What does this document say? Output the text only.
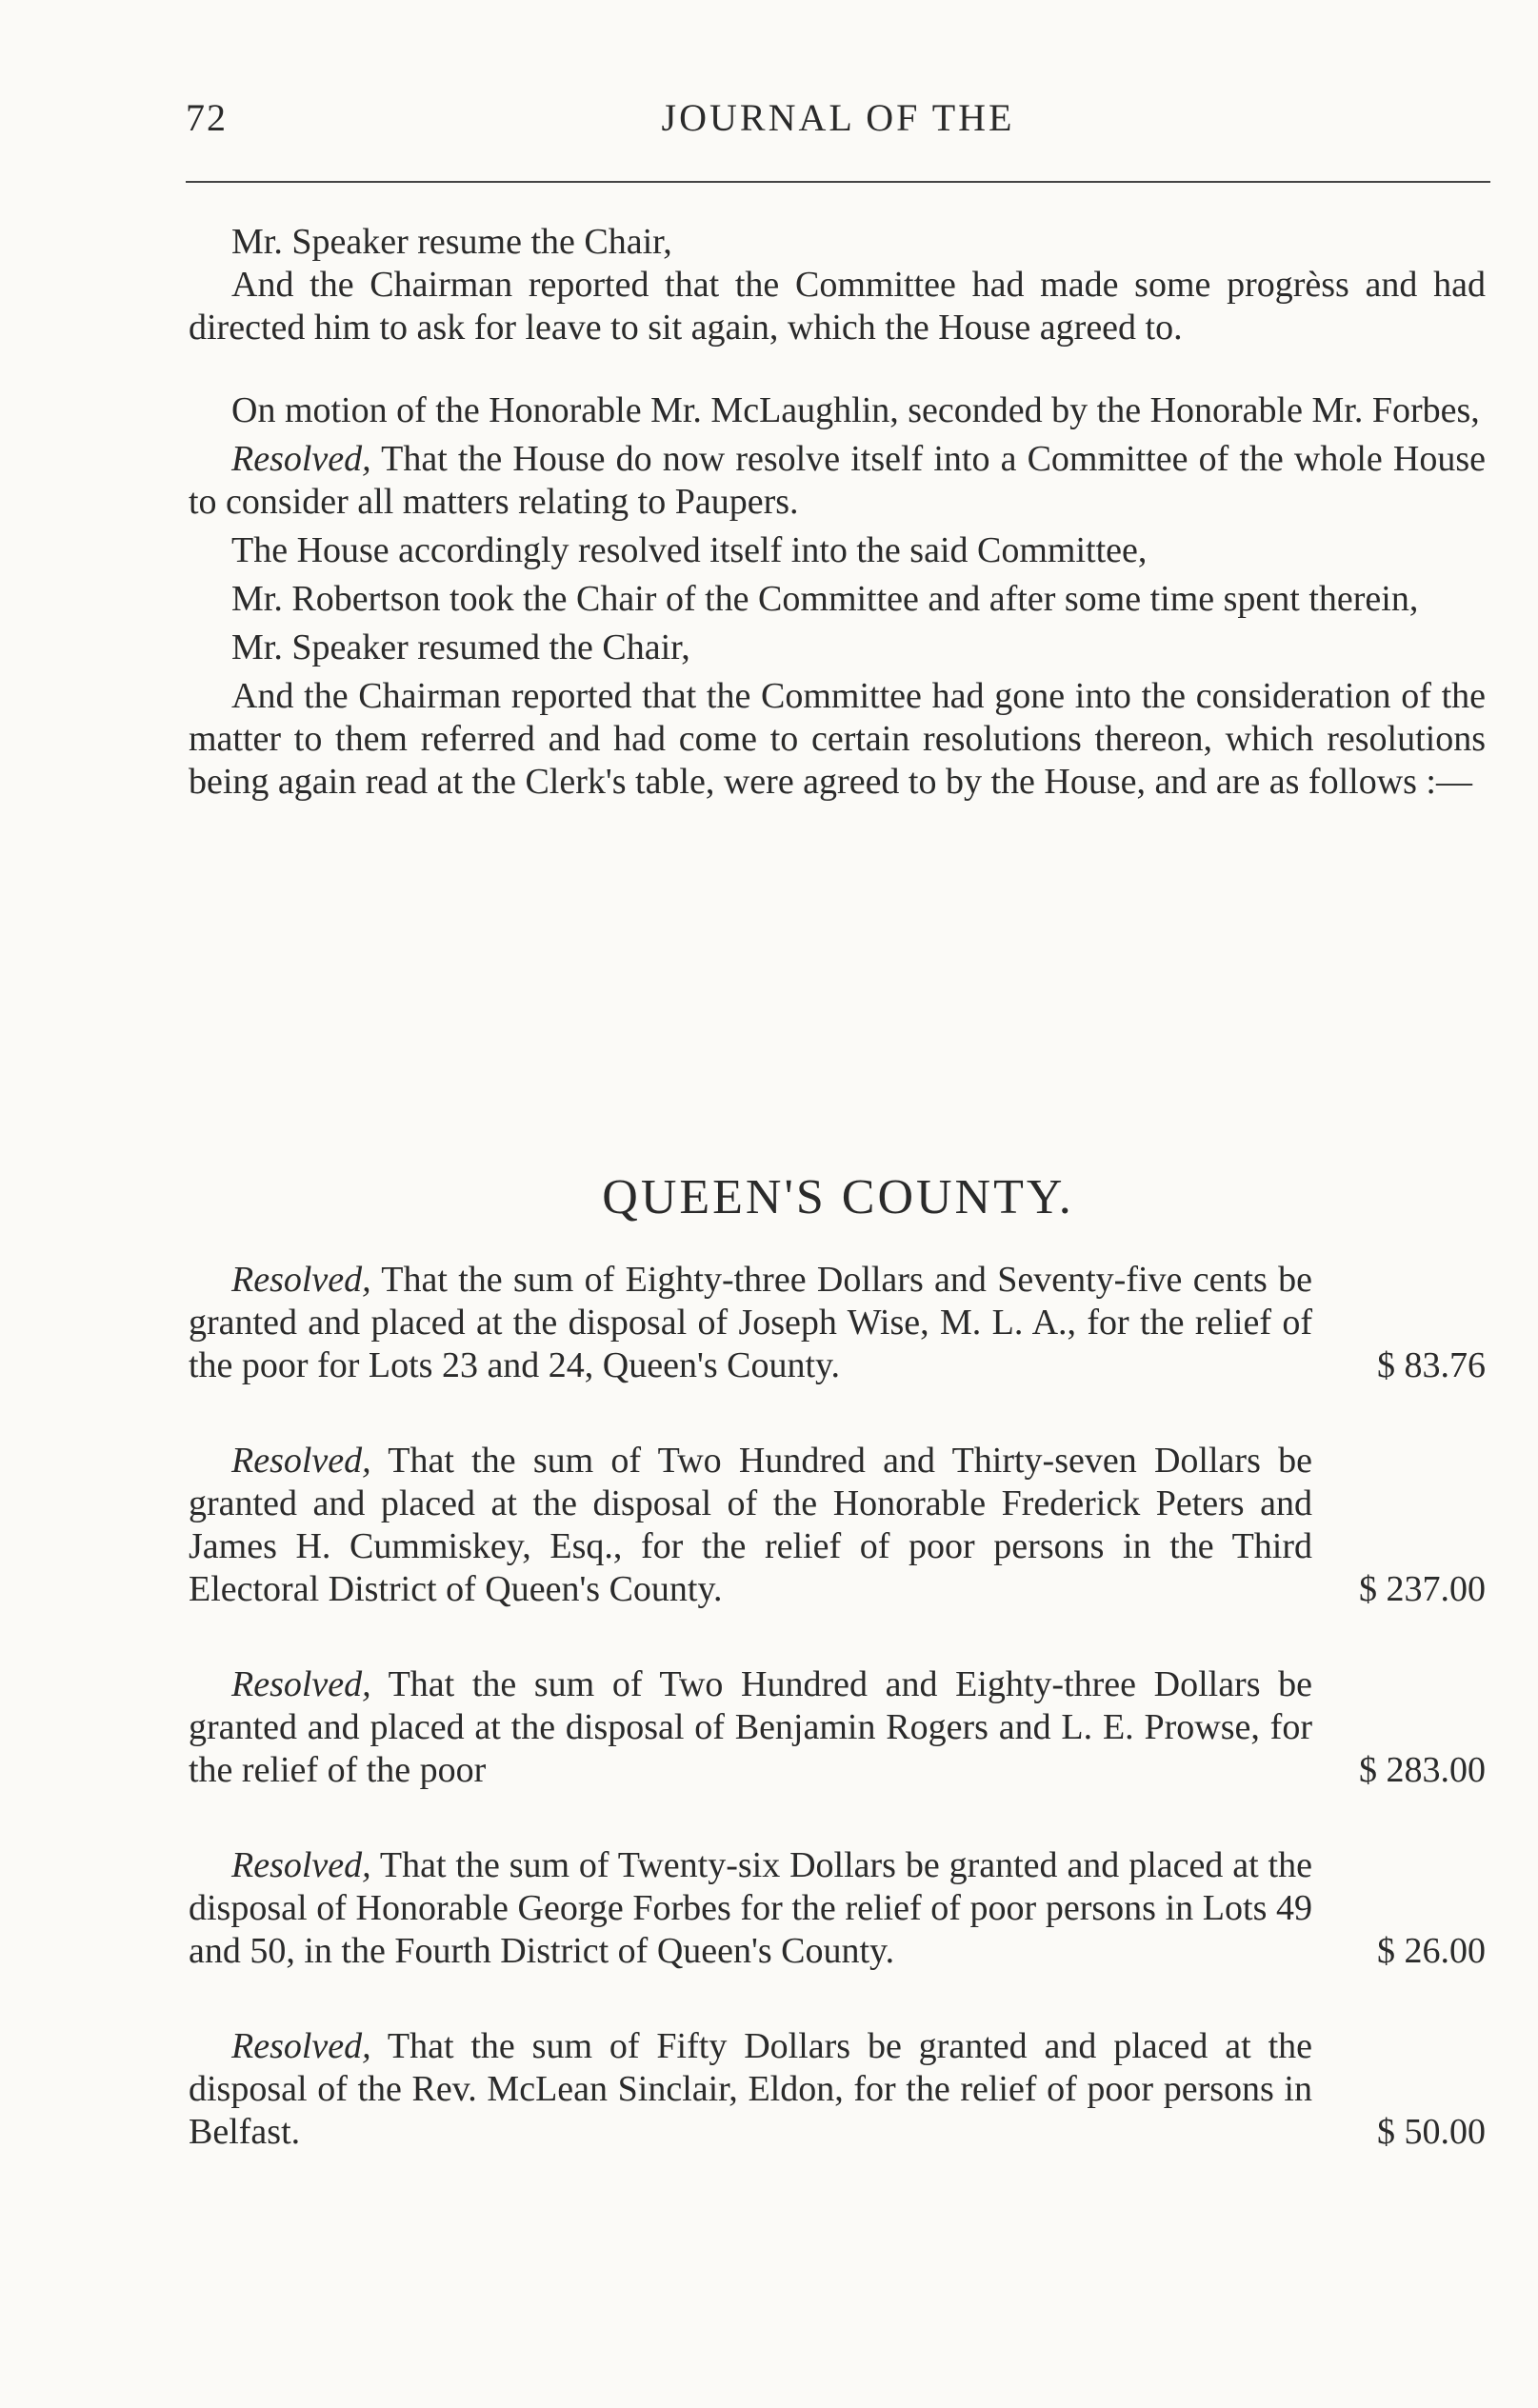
72	JOURNAL OF THE

Mr. Speaker resume the Chair,

And the Chairman reported that the Committee had made some progrèss and had directed him to ask for leave to sit again, which the House agreed to.

On motion of the Honorable Mr. McLaughlin, seconded by the Honorable Mr. Forbes,

Resolved, That the House do now resolve itself into a Committee of the whole House to consider all matters relating to Paupers.

The House accordingly resolved itself into the said Committee,

Mr. Robertson took the Chair of the Committee and after some time spent therein,

Mr. Speaker resumed the Chair,

And the Chairman reported that the Committee had gone into the consideration of the matter to them referred and had come to certain resolutions thereon, which resolutions being again read at the Clerk's table, were agreed to by the House, and are as follows :—

QUEEN'S COUNTY.

Resolved, That the sum of Eighty-three Dollars and Seventy-five cents be granted and placed at the disposal of Joseph Wise, M. L. A., for the relief of the poor for Lots 23 and 24, Queen's County.	$ 83.76

Resolved, That the sum of Two Hundred and Thirty-seven Dollars be granted and placed at the disposal of the Honorable Frederick Peters and James H. Cummiskey, Esq., for the relief of poor persons in the Third Electoral District of Queen's County.	$ 237.00

Resolved, That the sum of Two Hundred and Eighty-three Dollars be granted and placed at the disposal of Benjamin Rogers and L. E. Prowse, for the relief of the poor	$ 283.00

Resolved, That the sum of Twenty-six Dollars be granted and placed at the disposal of Honorable George Forbes for the relief of poor persons in Lots 49 and 50, in the Fourth District of Queen's County.	$ 26.00

Resolved, That the sum of Fifty Dollars be granted and placed at the disposal of the Rev. McLean Sinclair, Eldon, for the relief of poor persons in Belfast.	$ 50.00
